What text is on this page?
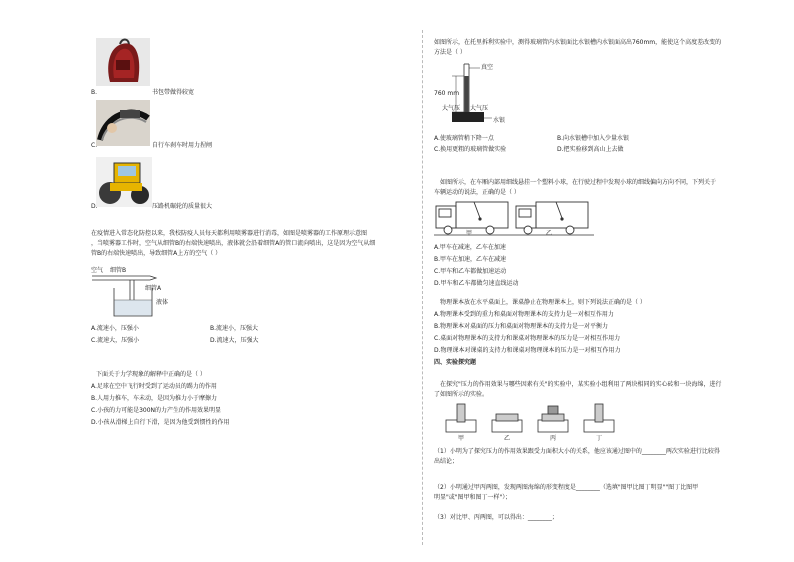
B.	书包带做得较宽
C.	自行车刹车时用力捏闸
D.	压路机碾轮的质量很大
在疫情进入常态化防控以来，我校防疫人员每天都利用喷雾器进行消毒，如图是喷雾器的工作原理示意图
，当喷雾器工作时，空气从细管B的右端快速喷出，液体就会沿着细管A的管口流向喷出，这是因为空气从细
管B的右端快速喷出，导致细管A上方的空气（ ）
空气 细管B
细管A
液体
A.流速小，压强小	B.流速小，压强大
C.流速大，压强小	D.流速大，压强大
下面关于力学现象的解释中正确的是（ ）
A.足球在空中飞行时受到了运动员的踢力的作用
B.人用力推车，车未动，是因为推力小于摩擦力
C.小孩的力可能是300N的力产生的作用效果明显
D.小孩从滑梯上自行下滑，是因为他受到惯性的作用
如图所示，在托里拆利实验中，测得玻璃管内水银面比水银槽内水银面高出760mm，能使这个高度差改变的
方法是（ ）
真空
760 mm
大气压 大气压
水银
A.使玻璃管稍下降一点	B.向水银槽中加入少量水银
C.换用更粗的玻璃管做实验	D.把实验移到高山上去做
如图所示，在车厢内部用细线悬挂一个塑料小球，在行驶过程中发现小球的细线偏向方向不同，下列关于
车辆运动的说法，正确的是（ ）
甲	乙
A.甲车在减速，乙车在加速
B.甲车在加速，乙车在减速
C.甲车和乙车都做加速运动
D.甲车和乙车都做匀速直线运动
物理课本放在水平桌面上，课桌静止在物理课本上，则下列说法正确的是（ ）
A.物理课本受到的重力和桌面对物理课本的支持力是一对相互作用力
B.物理课本对桌面的压力和桌面对物理课本的支持力是一对平衡力
C.桌面对物理课本的支持力和课桌对物理课本的压力是一对相互作用力
D.物理课本对课桌的支持力和课桌对物理课本的压力是一对相互作用力
四、实验探究题
在探究"压力的作用效果与哪些因素有关"的实验中，某实验小组利用了两块相同的实心砖和一块海绵，进行
了如图所示的实验。
甲	乙	丙	丁
（1）小明为了探究压力的作用效果跟受力面积大小的关系，他应该通过图中的________两次实验进行比较得
出结论；
（2）小明通过甲丙两图，发现两图海绵的形变程度是________（选填"图甲比图丁明显""图丁比图甲
明显"或"图甲和图丁一样"）；
（3）对比甲、丙两图，可以得出：________；
